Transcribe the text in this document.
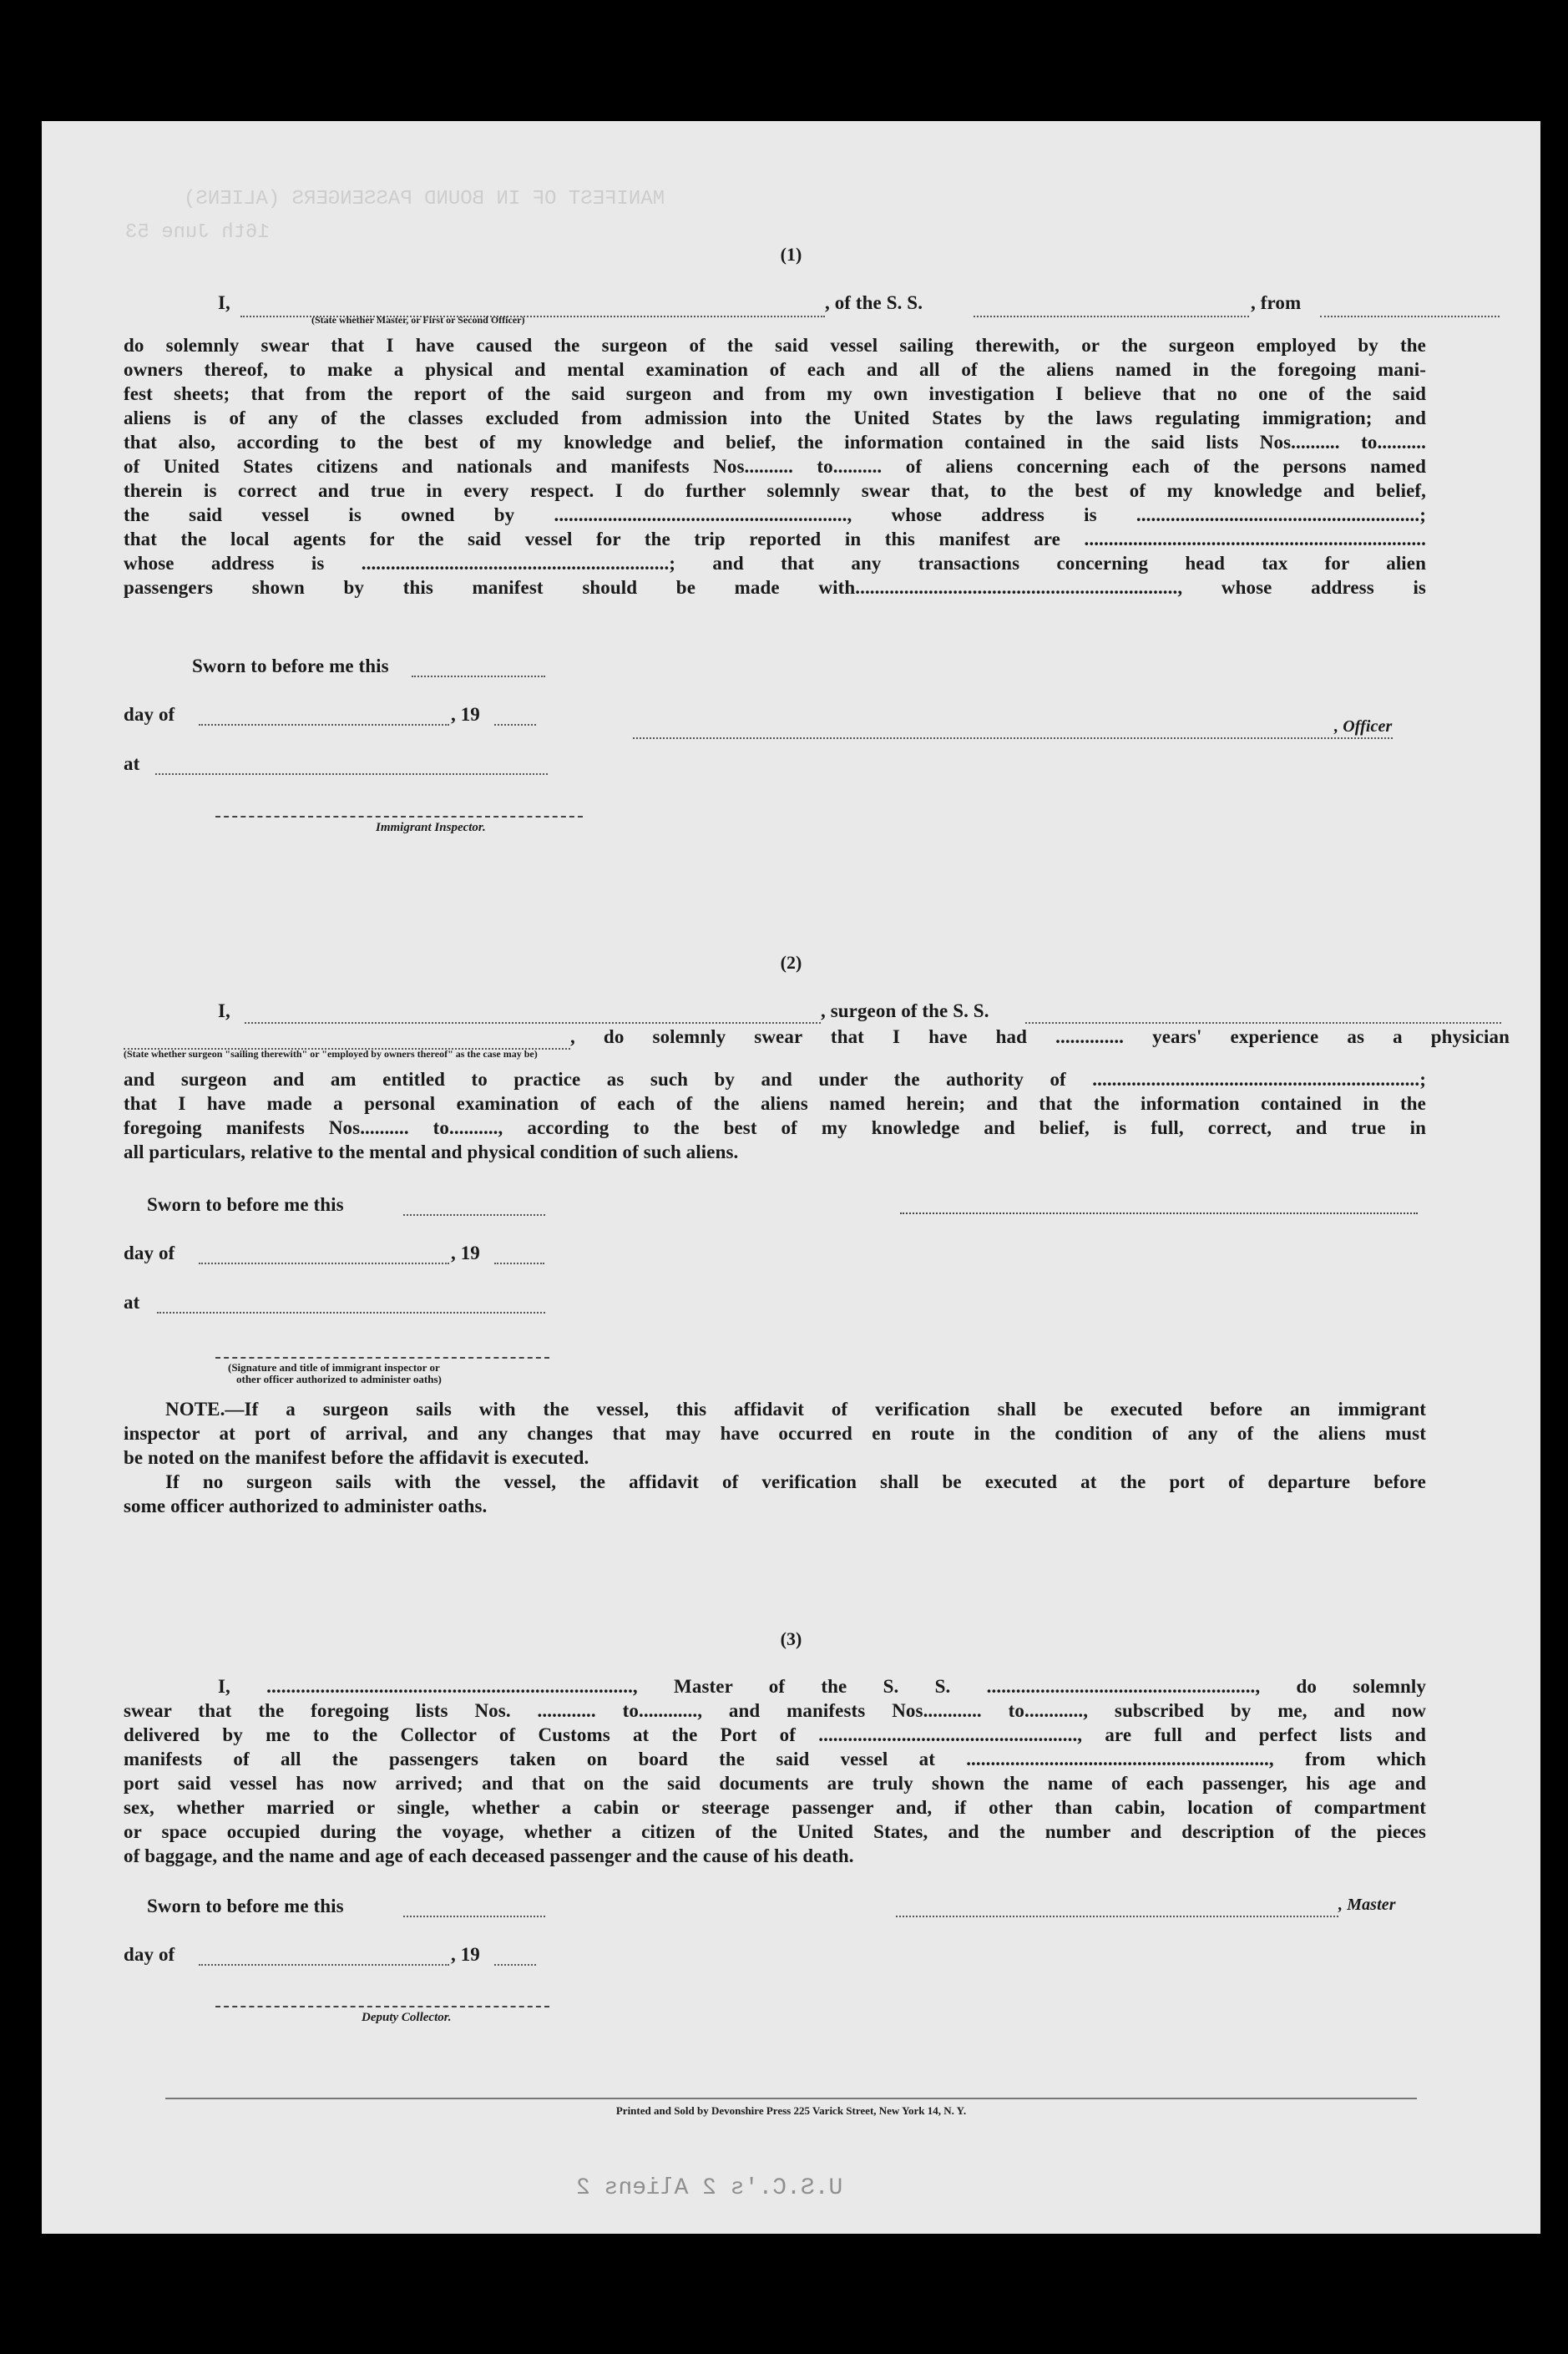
MANIFEST OF IN BOUND PASSENGERS (ALIENS)
16th June 53
(1)
I,	, of the S. S.	, from
(State whether Master, or First or Second Officer)
do solemnly swear that I have caused the surgeon of the said vessel sailing therewith, or the surgeon employed by the
owners thereof, to make a physical and mental examination of each and all of the aliens named in the foregoing mani-
fest sheets; that from the report of the said surgeon and from my own investigation I believe that no one of the said
aliens is of any of the classes excluded from admission into the United States by the laws regulating immigration; and
that also, according to the best of my knowledge and belief, the information contained in the said lists Nos.......... to..........
of United States citizens and nationals and manifests Nos.......... to.......... of aliens concerning each of the persons named
therein is correct and true in every respect. I do further solemnly swear that, to the best of my knowledge and belief,
the said vessel is owned by ............................................................, whose address is ..........................................................;
that the local agents for the said vessel for the trip reported in this manifest are ......................................................................
whose address is ...............................................................; and that any transactions concerning head tax for alien
passengers shown by this manifest should be made with.................................................................., whose address is
Sworn to before me this
day of	, 19
, Officer
at
Immigrant Inspector.
(2)
I,	, surgeon of the S. S.
, do solemnly swear that I have had .............. years' experience as a physician
(State whether surgeon "sailing therewith" or "employed by owners thereof" as the case may be)
and surgeon and am entitled to practice as such by and under the authority of ...................................................................;
that I have made a personal examination of each of the aliens named herein; and that the information contained in the
foregoing manifests Nos.......... to.........., according to the best of my knowledge and belief, is full, correct, and true in
all particulars, relative to the mental and physical condition of such aliens.
Sworn to before me this
day of	, 19
at
(Signature and title of immigrant inspector or
other officer authorized to administer oaths)
NOTE.—If a surgeon sails with the vessel, this affidavit of verification shall be executed before an immigrant
inspector at port of arrival, and any changes that may have occurred en route in the condition of any of the aliens must
be noted on the manifest before the affidavit is executed.
If no surgeon sails with the vessel, the affidavit of verification shall be executed at the port of departure before
some officer authorized to administer oaths.
(3)
I, ..........................................................................., Master of the S. S. ......................................................., do solemnly
swear that the foregoing lists Nos. ............ to............, and manifests Nos............ to............, subscribed by me, and now
delivered by me to the Collector of Customs at the Port of ....................................................., are full and perfect lists and
manifests of all the passengers taken on board the said vessel at .............................................................., from which
port said vessel has now arrived; and that on the said documents are truly shown the name of each passenger, his age and
sex, whether married or single, whether a cabin or steerage passenger and, if other than cabin, location of compartment
or space occupied during the voyage, whether a citizen of the United States, and the number and description of the pieces
of baggage, and the name and age of each deceased passenger and the cause of his death.
Sworn to before me this	, Master
day of	, 19
Deputy Collector.
Printed and Sold by Devonshire Press 225 Varick Street, New York 14, N. Y.
U.S.C.'s 2 Aliens 2
